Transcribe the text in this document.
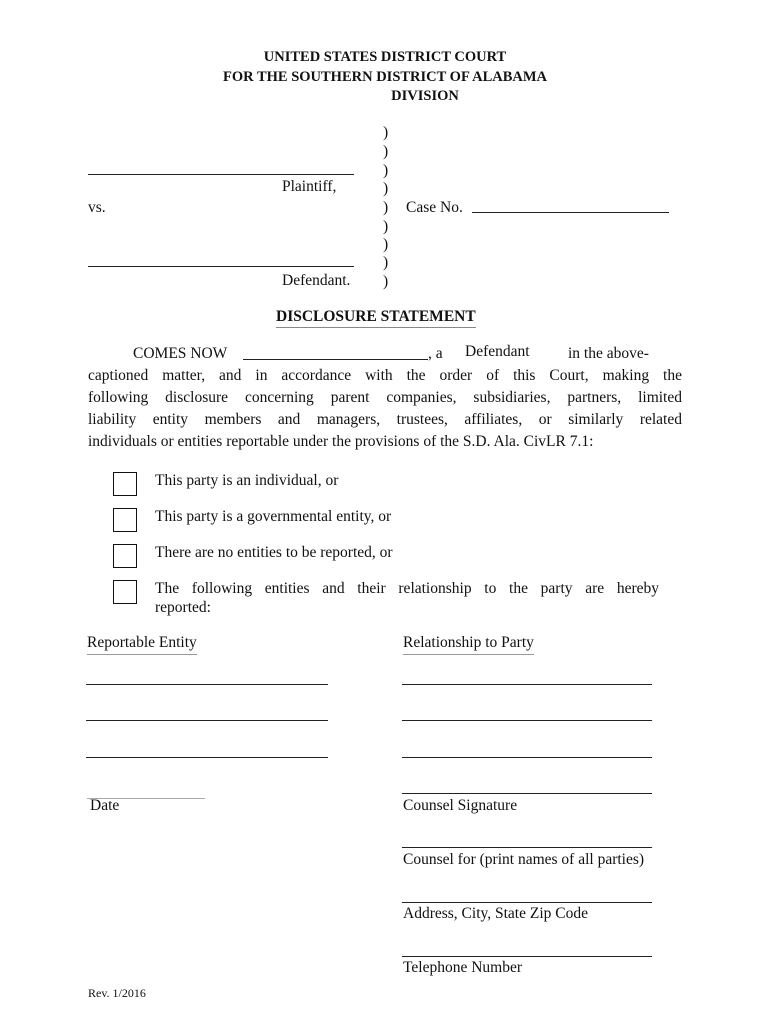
UNITED STATES DISTRICT COURT
FOR THE SOUTHERN DISTRICT OF ALABAMA
DIVISION
Plaintiff,
vs.	Case No.
Defendant.
)
)
)
)
)
)
)
)
)
DISCLOSURE STATEMENT
COMES NOW	, a Defendant in the above-
captioned matter, and in accordance with the order of this Court, making the
following disclosure concerning parent companies, subsidiaries, partners, limited
liability entity members and managers, trustees, affiliates, or similarly related
individuals or entities reportable under the provisions of the S.D. Ala. CivLR 7.1:
This party is an individual, or
This party is a governmental entity, or
There are no entities to be reported, or
The following entities and their relationship to the party are hereby
reported:
Reportable Entity	Relationship to Party
Date	Counsel Signature
Counsel for (print names of all parties)
Address, City, State Zip Code
Telephone Number
Rev. 1/2016
